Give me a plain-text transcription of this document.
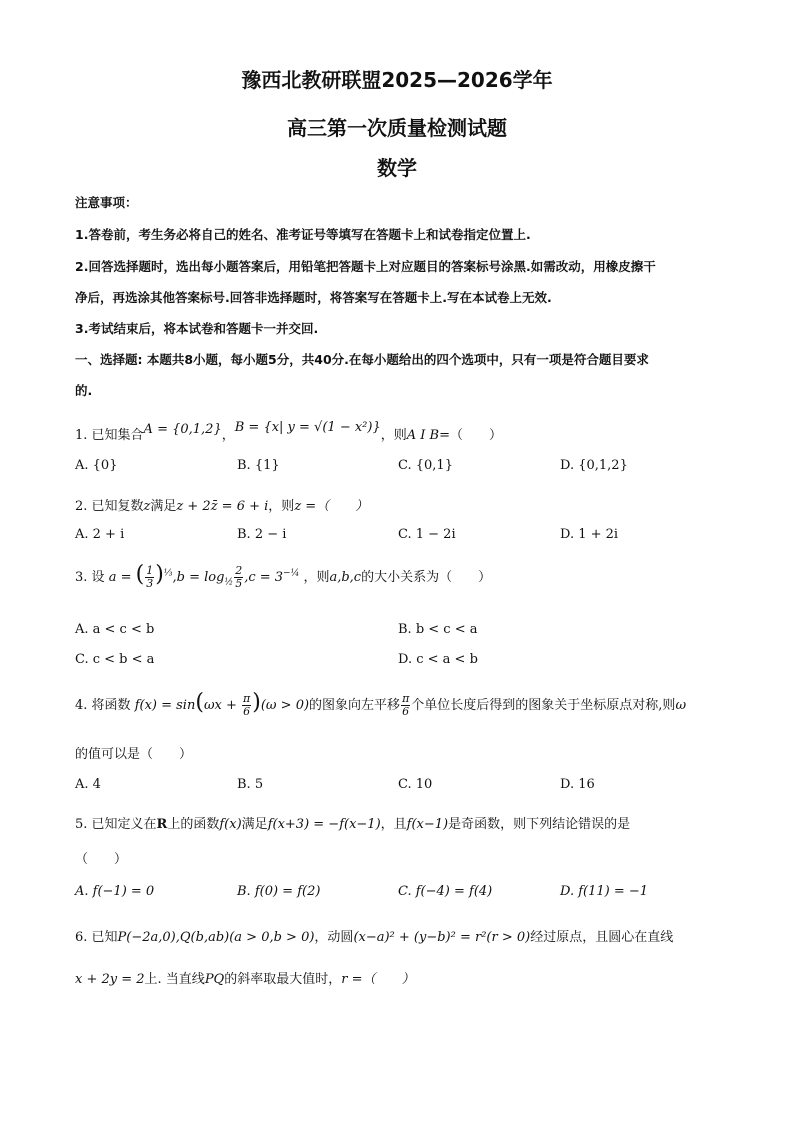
豫西北教研联盟2025—2026学年
高三第一次质量检测试题
数学
注意事项：
1.答卷前，考生务必将自己的姓名、准考证号等填写在答题卡上和试卷指定位置上.
2.回答选择题时，选出每小题答案后，用铅笔把答题卡上对应题目的答案标号涂黑.如需改动，用橡皮擦干
净后，再选涂其他答案标号.回答非选择题时，将答案写在答题卡上.写在本试卷上无效.
3.考试结束后，将本试卷和答题卡一并交回.
一、选择题: 本题共8小题，每小题5分，共40分.在每小题给出的四个选项中，只有一项是符合题目要求
的.
1. 已知集合A = {0,1,2}，B = {x| y = √(1 − x²)}，则A I B=（　　）
A. {0}	B. {1}	C. {0,1}	D. {0,1,2}
2. 已知复数z满足z + 2z̄ = 6 + i，则z =（　　）
A. 2 + i	B. 2 − i	C. 1 − 2i	D. 1 + 2i
3. 设 a = ( $\frac{1}{3} )^{\frac{1}{3}},b = \log_{\frac{1}{2}} \frac{2}{5} ,c = 3^{-\frac{1}{4}}$ ，则a,b,c的大小关系为（　　）
A. a < c < b	B. b < c < a
C. c < b < a	D. c < a < b
4. 将函数 $f(x) = \sin(\omega x + \frac{\pi}{6} )(\omega > 0)$的图象向左平移 $\frac{\pi}{6}$ 个单位长度后得到的图象关于坐标原点对称,则ω
的值可以是（　　）
A. 4	B. 5	C. 10	D. 16
5. 已知定义在R上的函数f(x)满足f(x+3) = −f(x−1)，且f(x−1)是奇函数，则下列结论错误的是
（　　）
A. f(−1) = 0	B. f(0) = f(2)	C. f(−4) = f(4)	D. f(11) = −1
6. 已知P(−2a,0),Q(b,ab)(a > 0,b > 0)，动圆(x−a)² + (y−b)² = r²(r > 0)经过原点，且圆心在直线
x + 2y = 2上. 当直线PQ的斜率取最大值时，r =（　　）
